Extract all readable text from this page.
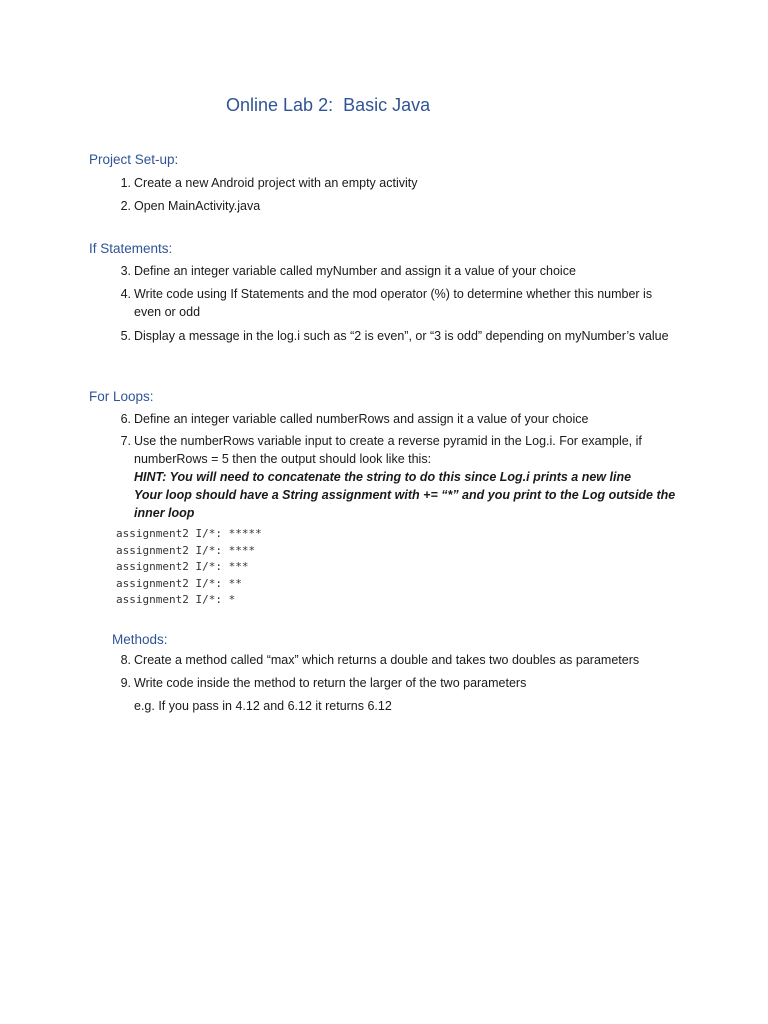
Online Lab 2:  Basic Java
Project Set-up:
1. Create a new Android project with an empty activity
2. Open MainActivity.java
If Statements:
3. Define an integer variable called myNumber and assign it a value of your choice
4. Write code using If Statements and the mod operator (%) to determine whether this number is even or odd
5. Display a message in the log.i such as “2 is even”, or “3 is odd” depending on myNumber’s value
For Loops:
6. Define an integer variable called numberRows and assign it a value of your choice
7. Use the numberRows variable input to create a reverse pyramid in the Log.i. For example, if numberRows = 5 then the output should look like this:
HINT: You will need to concatenate the string to do this since Log.i prints a new line
Your loop should have a String assignment with += “*” and you print to the Log outside the inner loop
assignment2 I/*: *****
assignment2 I/*: ****
assignment2 I/*: ***
assignment2 I/*: **
assignment2 I/*: *
Methods:
8. Create a method called “max” which returns a double and takes two doubles as parameters
9. Write code inside the method to return the larger of the two parameters
e.g. If you pass in 4.12 and 6.12 it returns 6.12
